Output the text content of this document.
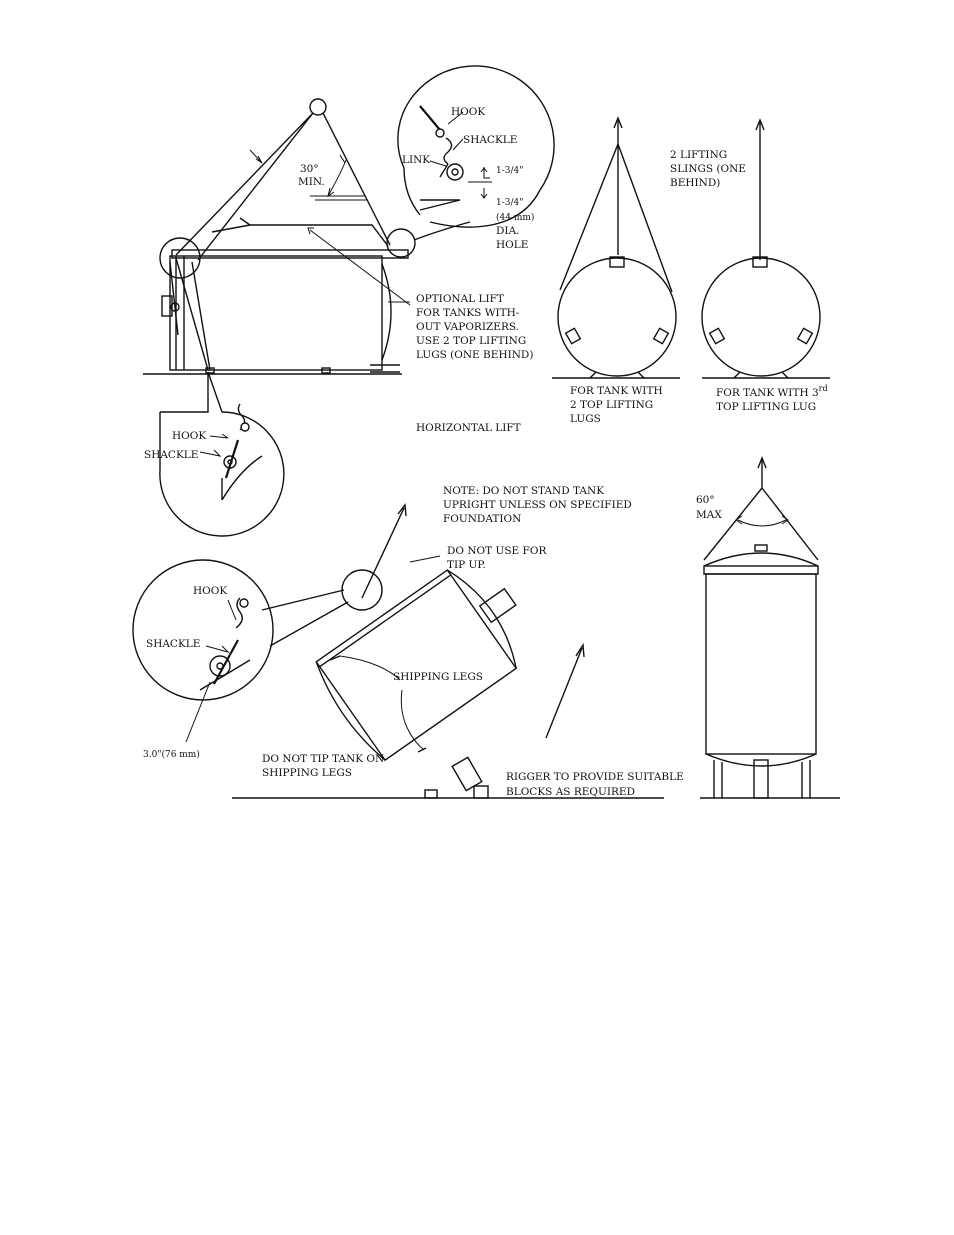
30°
MIN.
HOOK
SHACKLE
LINK
1-3/4"
1-3/4"
(44 mm)
DIA.
HOLE
OPTIONAL LIFT
FOR TANKS WITH-
OUT VAPORIZERS.
USE 2 TOP LIFTING
LUGS (ONE BEHIND)
HORIZONTAL LIFT
HOOK
SHACKLE
2 LIFTING
SLINGS (ONE
BEHIND)
FOR TANK WITH
2 TOP LIFTING
LUGS
FOR TANK WITH 3rd
TOP LIFTING LUG
NOTE: DO NOT STAND TANK
UPRIGHT UNLESS ON SPECIFIED
FOUNDATION
DO NOT USE FOR
TIP UP.
SHIPPING LEGS
HOOK
SHACKLE
3.0"(76 mm)	DO NOT TIP TANK ON
SHIPPING LEGS	RIGGER TO PROVIDE SUITABLE
BLOCKS AS REQUIRED
60°
MAX
